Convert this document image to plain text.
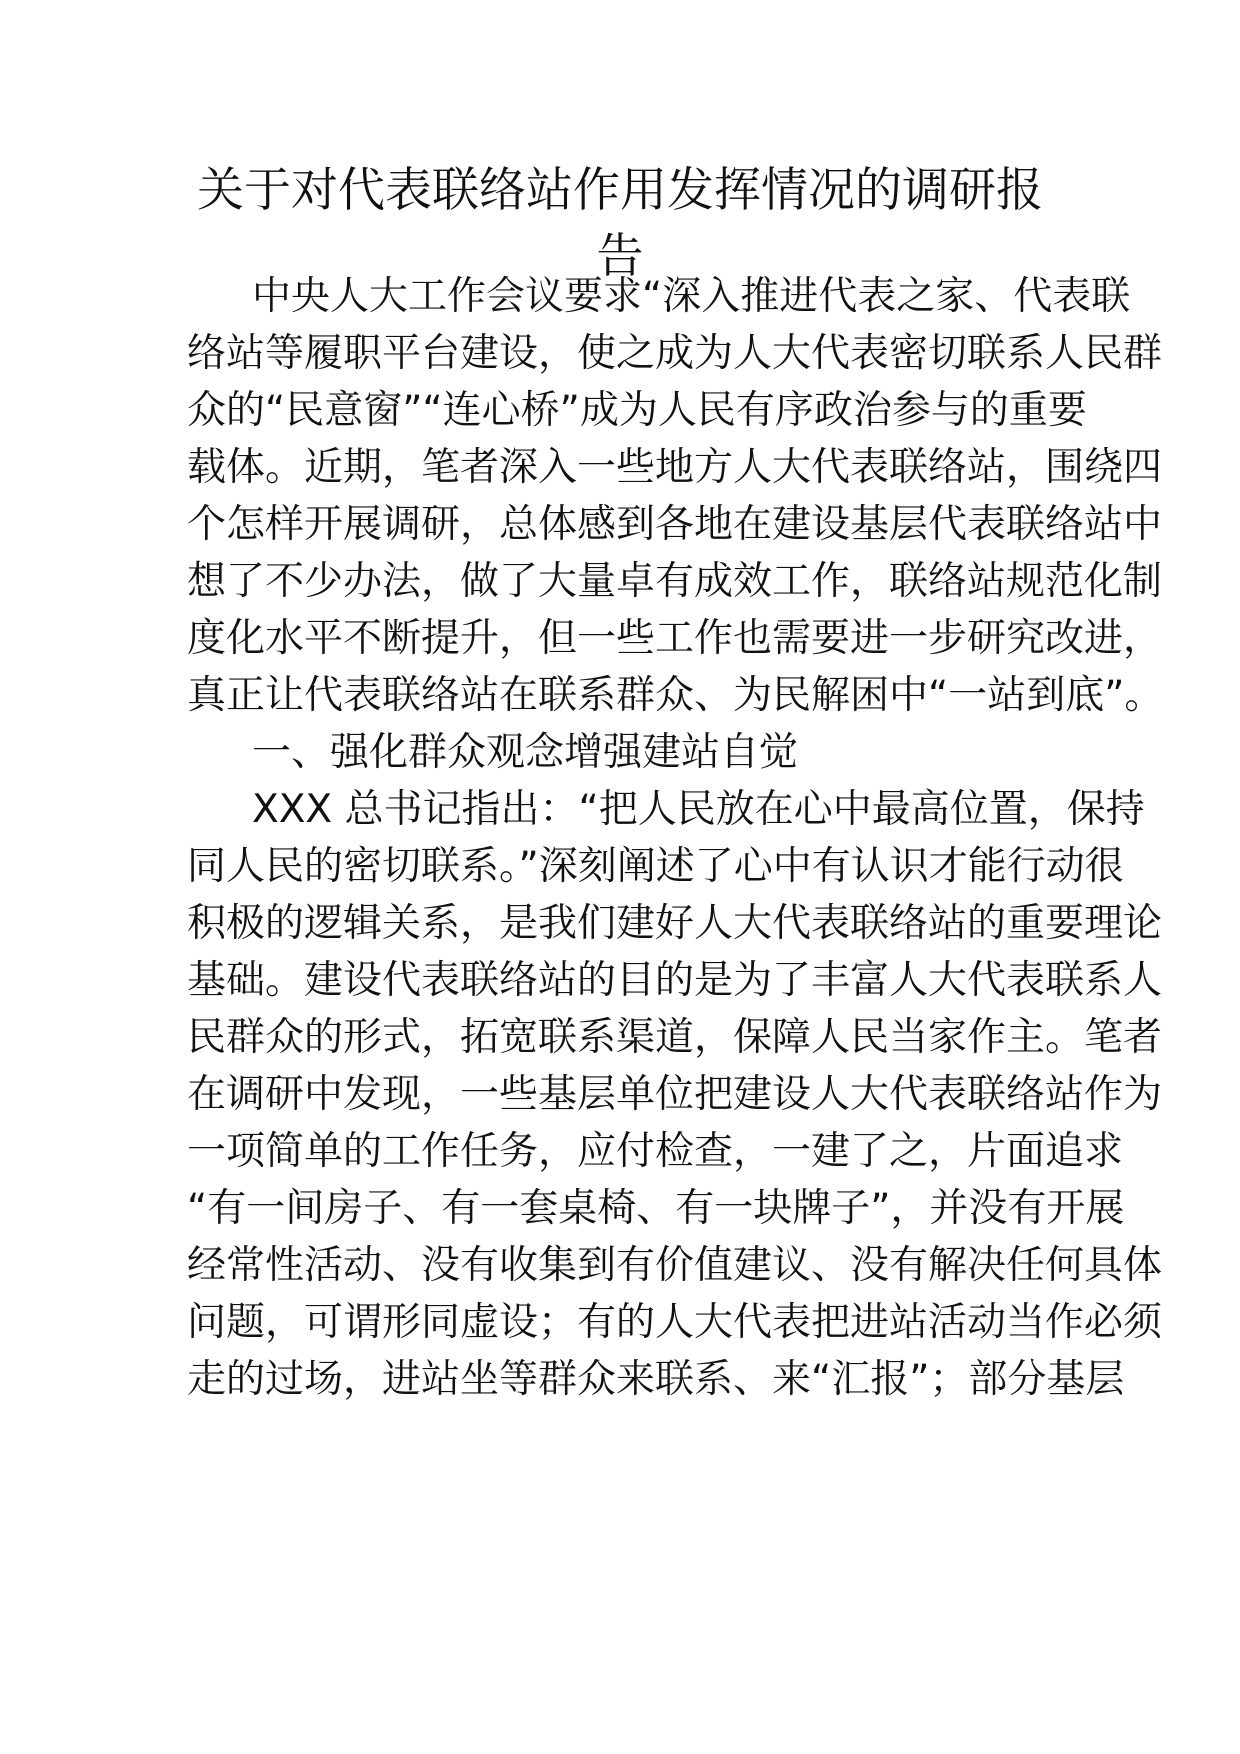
关于对代表联络站作用发挥情况的调研报
告
中央人大工作会议要求“深入推进代表之家、代表联
络站等履职平台建设，使之成为人大代表密切联系人民群
众的“民意窗”“连心桥”成为人民有序政治参与的重要
载体。近期，笔者深入一些地方人大代表联络站，围绕四
个怎样开展调研，总体感到各地在建设基层代表联络站中
想了不少办法，做了大量卓有成效工作，联络站规范化制
度化水平不断提升，但一些工作也需要进一步研究改进，
真正让代表联络站在联系群众、为民解困中“一站到底”。
一、强化群众观念增强建站自觉
XXX 总书记指出：“把人民放在心中最高位置，保持
同人民的密切联系。”深刻阐述了心中有认识才能行动很
积极的逻辑关系，是我们建好人大代表联络站的重要理论
基础。建设代表联络站的目的是为了丰富人大代表联系人
民群众的形式，拓宽联系渠道，保障人民当家作主。笔者
在调研中发现，一些基层单位把建设人大代表联络站作为
一项简单的工作任务，应付检查，一建了之，片面追求
“有一间房子、有一套桌椅、有一块牌子”，并没有开展
经常性活动、没有收集到有价值建议、没有解决任何具体
问题，可谓形同虚设；有的人大代表把进站活动当作必须
走的过场，进站坐等群众来联系、来“汇报”；部分基层
